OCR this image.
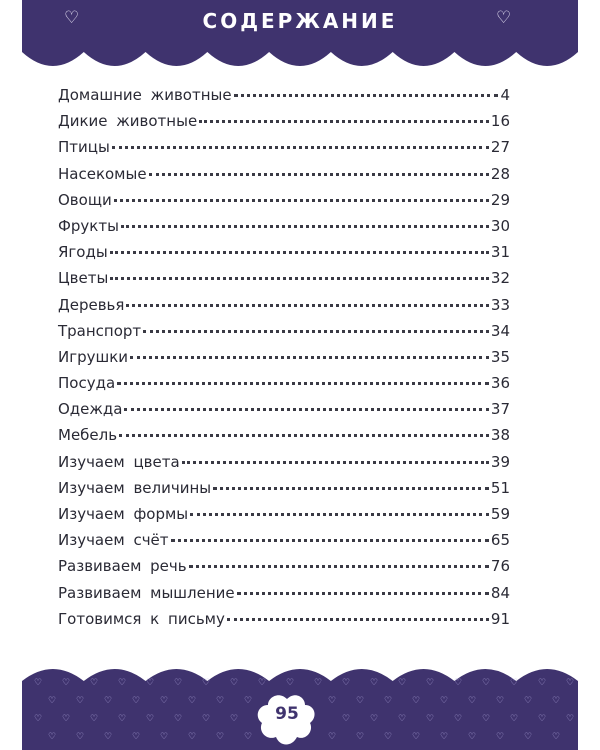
СОДЕРЖАНИЕ
♡	♡
Домашние животные	4
Дикие животные	16
Птицы	27
Насекомые	28
Овощи	29
Фрукты	30
Ягоды	31
Цветы	32
Деревья	33
Транспорт	34
Игрушки	35
Посуда	36
Одежда	37
Мебель	38
Изучаем цвета	39
Изучаем величины	51
Изучаем формы	59
Изучаем счёт	65
Развиваем речь	76
Развиваем мышление	84
Готовимся к письму	91
♡ ♡ ♡ ♡ ♡ ♡ ♡ ♡ ♡ ♡ ♡ ♡ ♡ ♡ ♡ ♡ ♡ ♡ ♡ ♡
♡ ♡ ♡ ♡ ♡ ♡ ♡ ♡	♡ ♡ ♡ ♡ ♡ ♡ ♡ ♡ ♡
♡ ♡ ♡ ♡ ♡ ♡ ♡ ♡	♡ ♡ ♡ ♡ ♡ ♡ ♡ ♡ ♡
♡ ♡ ♡ ♡ ♡ ♡ ♡ ♡	♡ ♡ ♡ ♡ ♡ ♡ ♡ ♡ ♡
95
